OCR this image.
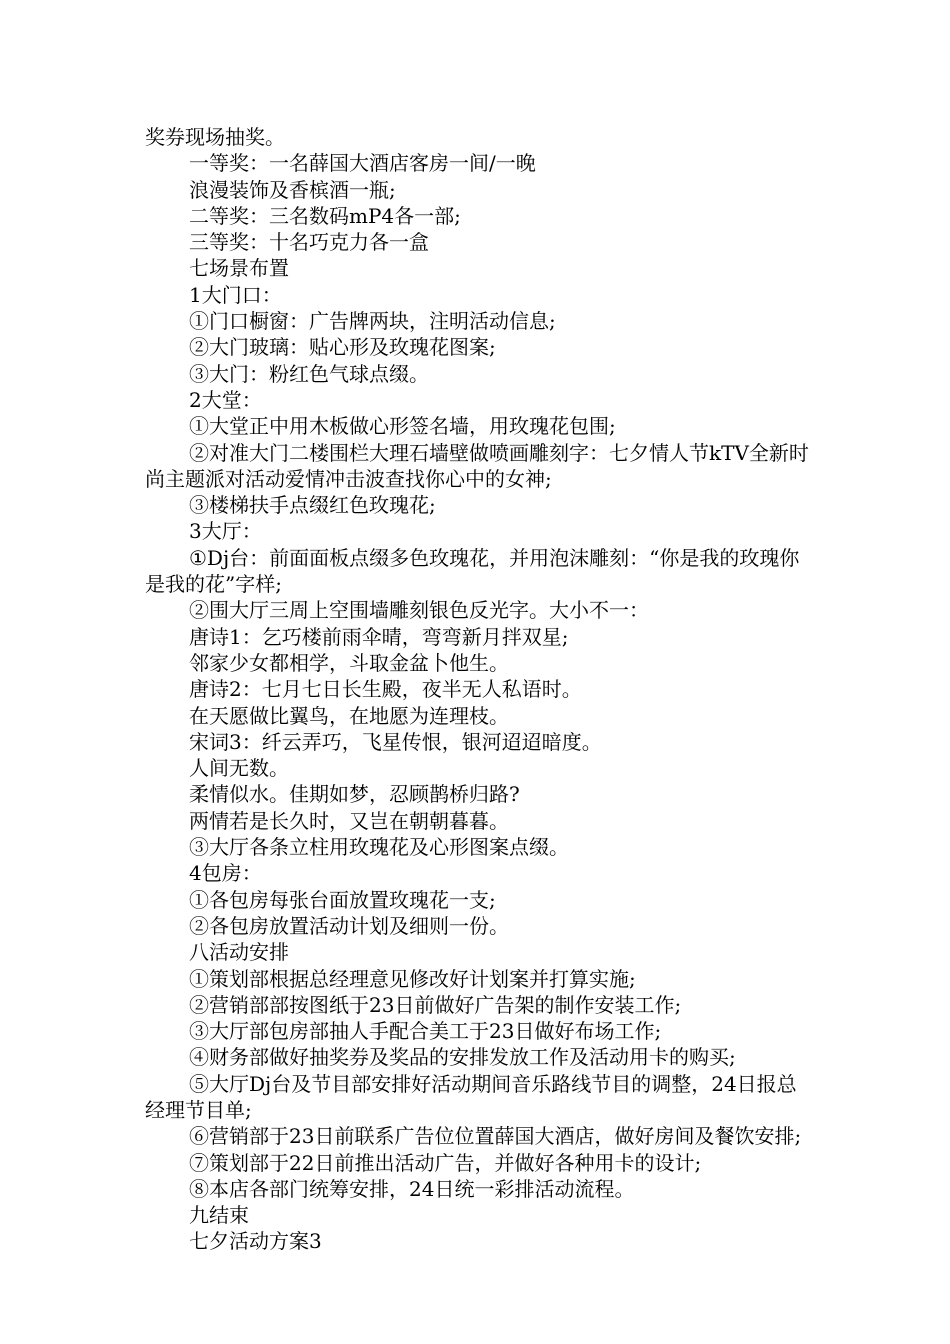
奖券现场抽奖。

一等奖：一名薛国大酒店客房一间/一晚

浪漫装饰及香槟酒一瓶;

二等奖：三名数码mP4各一部;

三等奖：十名巧克力各一盒

七场景布置

1大门口：

①门口橱窗：广告牌两块，注明活动信息;

②大门玻璃：贴心形及玫瑰花图案;

③大门：粉红色气球点缀。

2大堂：

①大堂正中用木板做心形签名墙，用玫瑰花包围;

②对准大门二楼围栏大理石墙壁做喷画雕刻字：七夕情人节kTV全新时尚主题派对活动爱情冲击波查找你心中的女神;

③楼梯扶手点缀红色玫瑰花;

3大厅：

①Dj台：前面面板点缀多色玫瑰花，并用泡沫雕刻：“你是我的玫瑰你是我的花”字样;

②围大厅三周上空围墙雕刻银色反光字。大小不一：

唐诗1：乞巧楼前雨伞晴，弯弯新月拌双星;

邻家少女都相学，斗取金盆卜他生。

唐诗2：七月七日长生殿，夜半无人私语时。

在天愿做比翼鸟，在地愿为连理枝。

宋词3：纤云弄巧，飞星传恨，银河迢迢暗度。

人间无数。

柔情似水。佳期如梦，忍顾鹊桥归路?

两情若是长久时，又岂在朝朝暮暮。

③大厅各条立柱用玫瑰花及心形图案点缀。

4包房：

①各包房每张台面放置玫瑰花一支;

②各包房放置活动计划及细则一份。

八活动安排

①策划部根据总经理意见修改好计划案并打算实施;

②营销部部按图纸于23日前做好广告架的制作安装工作;

③大厅部包房部抽人手配合美工于23日做好布场工作;

④财务部做好抽奖券及奖品的安排发放工作及活动用卡的购买;

⑤大厅Dj台及节目部安排好活动期间音乐路线节目的调整，24日报总经理节目单;

⑥营销部于23日前联系广告位位置薛国大酒店，做好房间及餐饮安排;

⑦策划部于22日前推出活动广告，并做好各种用卡的设计;

⑧本店各部门统筹安排，24日统一彩排活动流程。

九结束

七夕活动方案3
